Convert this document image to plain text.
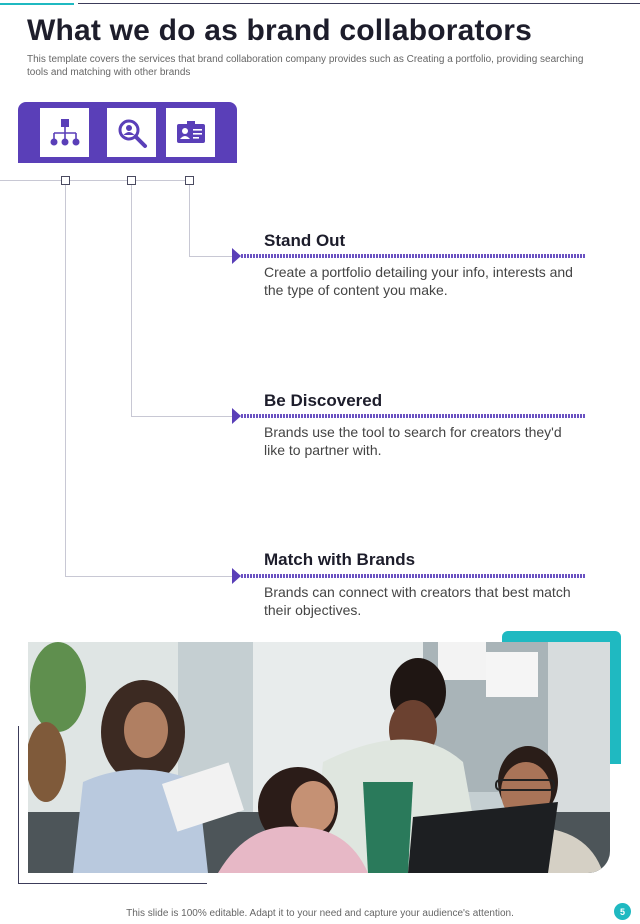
What we do as brand collaborators

This template covers the services that brand collaboration company provides such as Creating a portfolio, providing searching tools and matching with other brands

Stand Out
Create a portfolio detailing your info, interests and the type of content you make.
Be Discovered
Brands use the tool to search for creators they'd like to partner with.
Match with Brands
Brands can connect with creators that best match their objectives.
This slide is 100% editable. Adapt it to your need and capture your audience's attention.	5
